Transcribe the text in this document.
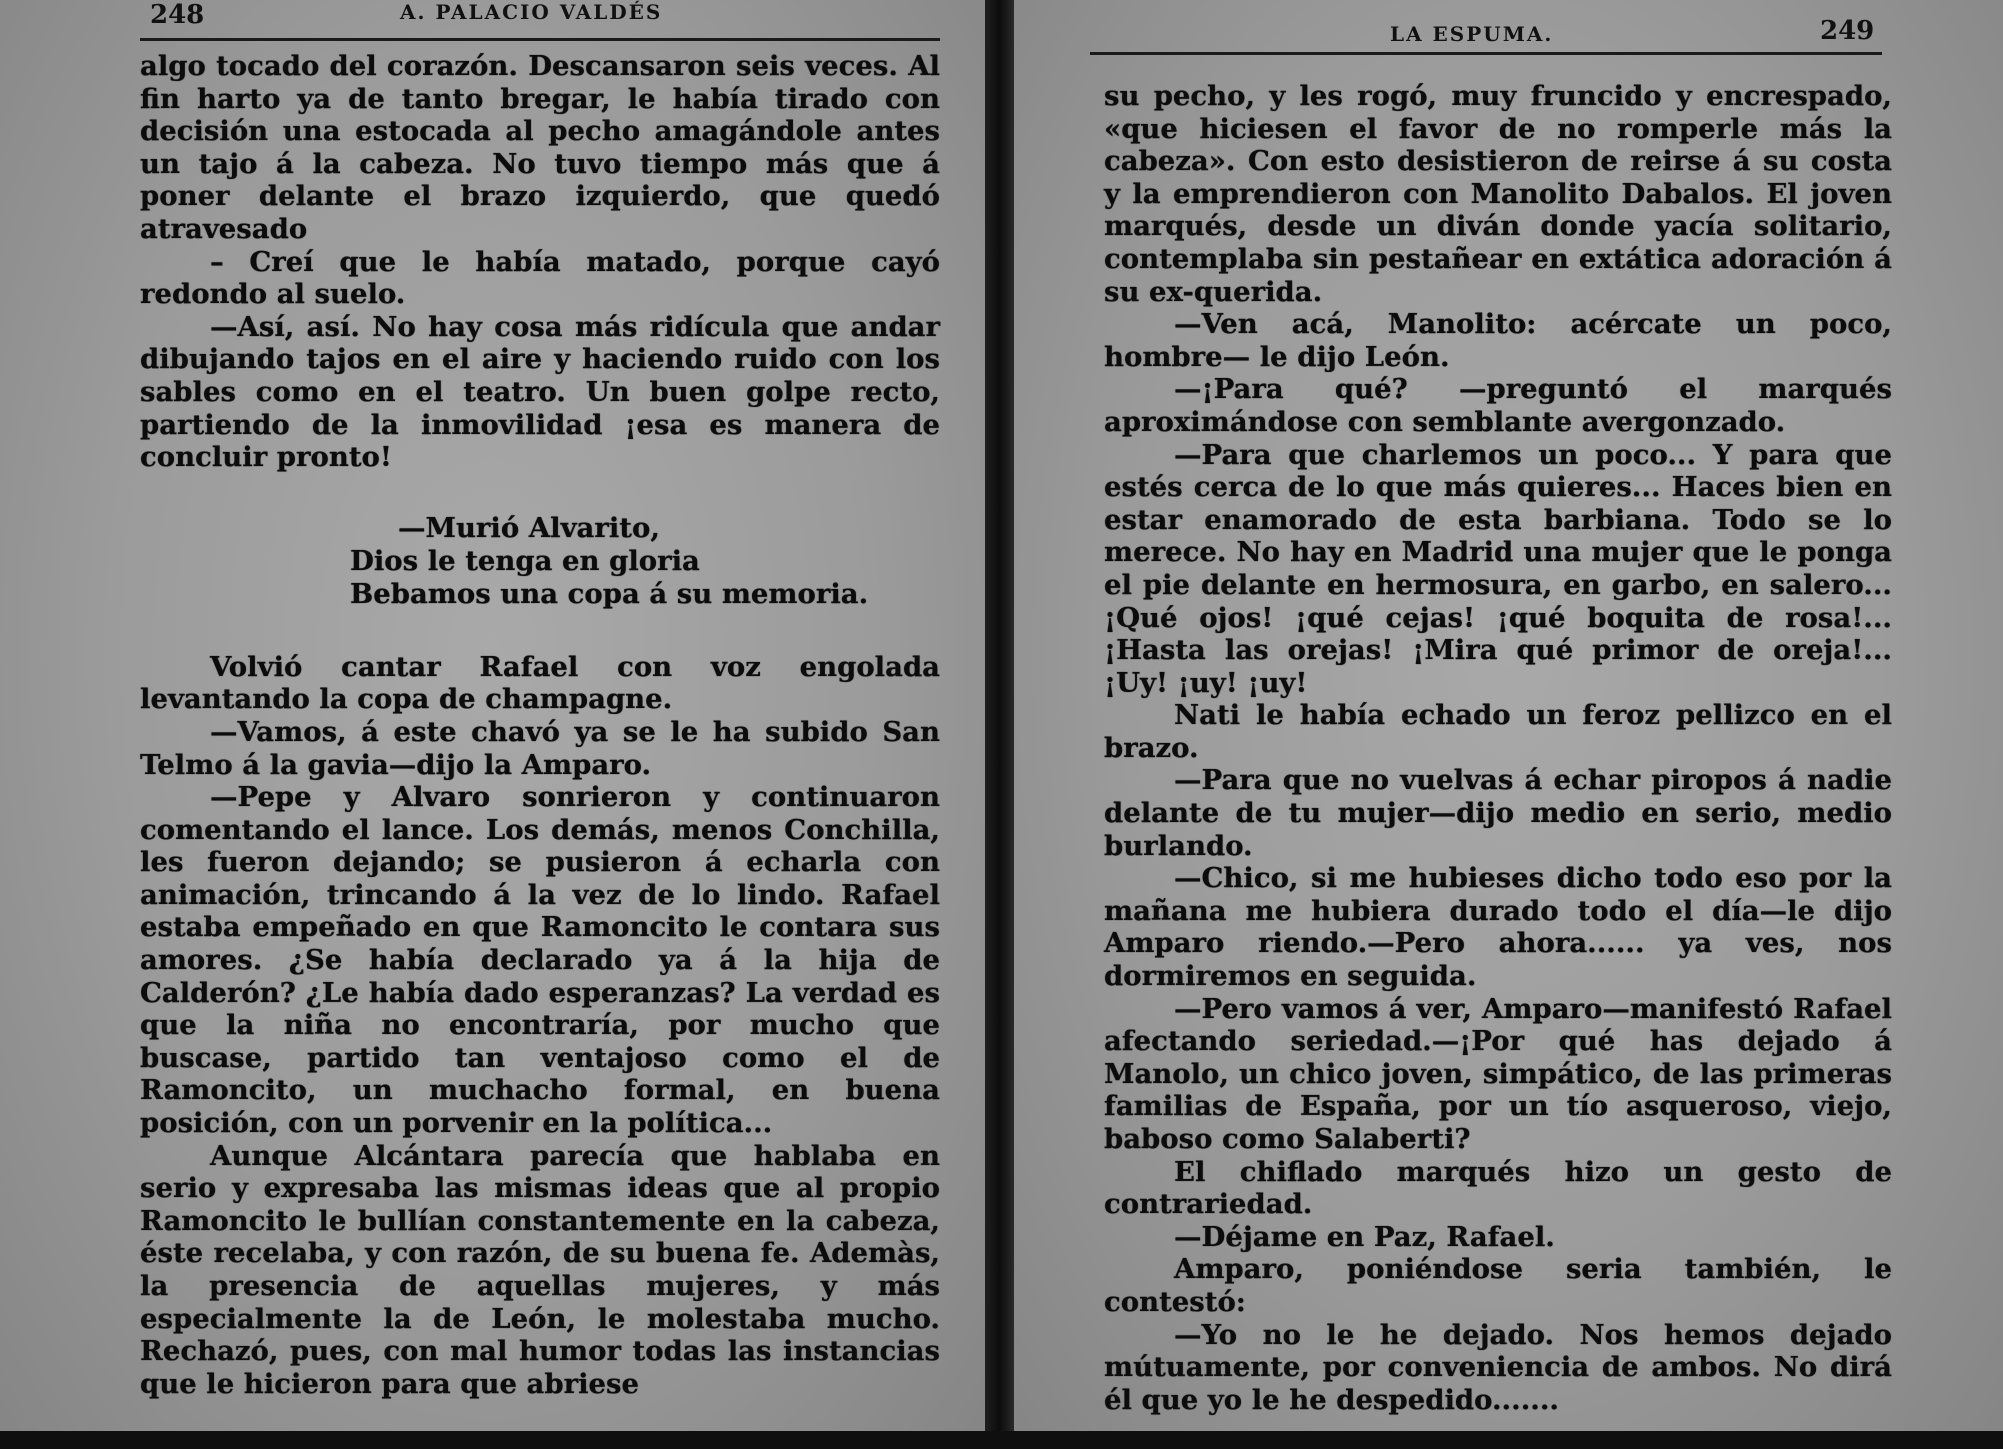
248	A. PALACIO VALDÉS

algo tocado del corazón. Descansaron seis veces. Al fin harto ya de tanto bregar, le había tirado con decisión una estocada al pecho amagándole antes un tajo á la cabeza. No tuvo tiempo más que á poner delante el brazo izquierdo, que quedó atravesado

– Creí que le había matado, porque cayó redondo al suelo.

—Así, así. No hay cosa más ridícula que andar dibujando tajos en el aire y haciendo ruido con los sables como en el teatro. Un buen golpe recto, partiendo de la inmovilidad ¡esa es manera de concluir pronto!

—Murió Alvarito,
Dios le tenga en gloria
Bebamos una copa á su memoria.

Volvió cantar Rafael con voz engolada levantando la copa de champagne.

—Vamos, á este chavó ya se le ha subido San Telmo á la gavia—dijo la Amparo.

—Pepe y Alvaro sonrieron y continuaron comentando el lance. Los demás, menos Conchilla, les fueron dejando; se pusieron á echarla con animación, trincando á la vez de lo lindo. Rafael estaba empeñado en que Ramoncito le contara sus amores. ¿Se había declarado ya á la hija de Calderón? ¿Le había dado esperanzas? La verdad es que la niña no encontraría, por mucho que buscase, partido tan ventajoso como el de Ramoncito, un muchacho formal, en buena posición, con un porvenir en la política...

Aunque Alcántara parecía que hablaba en serio y expresaba las mismas ideas que al propio Ramoncito le bullían constantemente en la cabeza, éste recelaba, y con razón, de su buena fe. Ademàs, la presencia de aquellas mujeres, y más especialmente la de León, le molestaba mucho. Rechazó, pues, con mal humor todas las instancias que le hicieron para que abriese

LA ESPUMA.	249

su pecho, y les rogó, muy fruncido y encrespado, «que hiciesen el favor de no romperle más la cabeza». Con esto desistieron de reirse á su costa y la emprendieron con Manolito Dabalos. El joven marqués, desde un diván donde yacía solitario, contemplaba sin pestañear en extática adoración á su ex-querida.

—Ven acá, Manolito: acércate un poco, hombre— le dijo León.

—¡Para qué? —preguntó el marqués aproximándose con semblante avergonzado.

—Para que charlemos un poco... Y para que estés cerca de lo que más quieres... Haces bien en estar enamorado de esta barbiana. Todo se lo merece. No hay en Madrid una mujer que le ponga el pie delante en hermosura, en garbo, en salero... ¡Qué ojos! ¡qué cejas! ¡qué boquita de rosa!... ¡Hasta las orejas! ¡Mira qué primor de oreja!... ¡Uy! ¡uy! ¡uy!

Nati le había echado un feroz pellizco en el brazo.

—Para que no vuelvas á echar piropos á nadie delante de tu mujer—dijo medio en serio, medio burlando.

—Chico, si me hubieses dicho todo eso por la mañana me hubiera durado todo el día—le dijo Amparo riendo.—Pero ahora...... ya ves, nos dormiremos en seguida.

—Pero vamos á ver, Amparo—manifestó Rafael afectando seriedad.—¡Por qué has dejado á Manolo, un chico joven, simpático, de las primeras familias de España, por un tío asqueroso, viejo, baboso como Salaberti?

El chiflado marqués hizo un gesto de contrariedad.

—Déjame en Paz, Rafael.

Amparo, poniéndose seria también, le contestó:

—Yo no le he dejado. Nos hemos dejado mútuamente, por conveniencia de ambos. No dirá él que yo le he despedido.......
